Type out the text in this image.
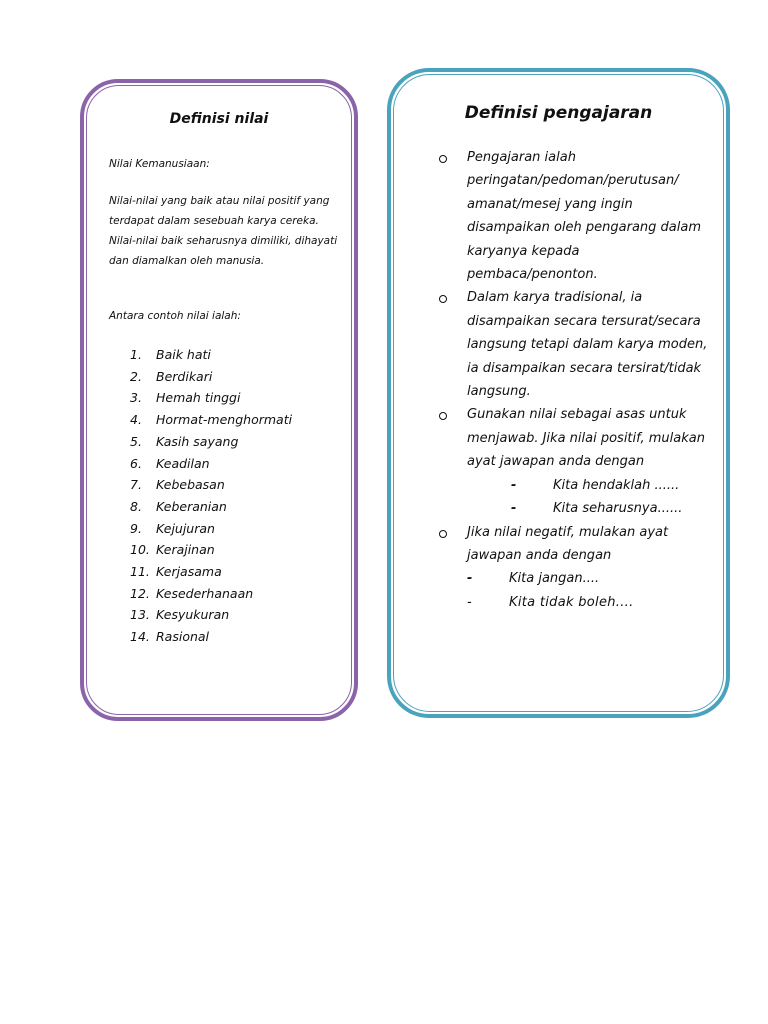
Definisi nilai
Nilai Kemanusiaan:
Nilai-nilai yang baik atau nilai positif yang terdapat dalam sesebuah karya cereka. Nilai-nilai baik seharusnya dimiliki, dihayati dan diamalkan oleh manusia.
Antara contoh nilai ialah:
1. Baik hati
2. Berdikari
3. Hemah tinggi
4. Hormat-menghormati
5. Kasih sayang
6. Keadilan
7. Kebebasan
8. Keberanian
9. Kejujuran
10. Kerajinan
11. Kerjasama
12. Kesederhanaan
13. Kesyukuran
14. Rasional
Definisi pengajaran
Pengajaran ialah peringatan/pedoman/perutusan/ amanat/mesej yang ingin disampaikan oleh pengarang dalam karyanya kepada pembaca/penonton.
Dalam karya tradisional, ia disampaikan secara tersurat/secara langsung tetapi dalam karya moden, ia disampaikan secara tersirat/tidak langsung.
Gunakan nilai sebagai asas untuk menjawab. Jika nilai positif, mulakan ayat jawapan anda dengan
-	Kita hendaklah ......
-	Kita seharusnya......
Jika nilai negatif, mulakan ayat jawapan anda dengan
-	Kita jangan....
-	Kita tidak boleh....
